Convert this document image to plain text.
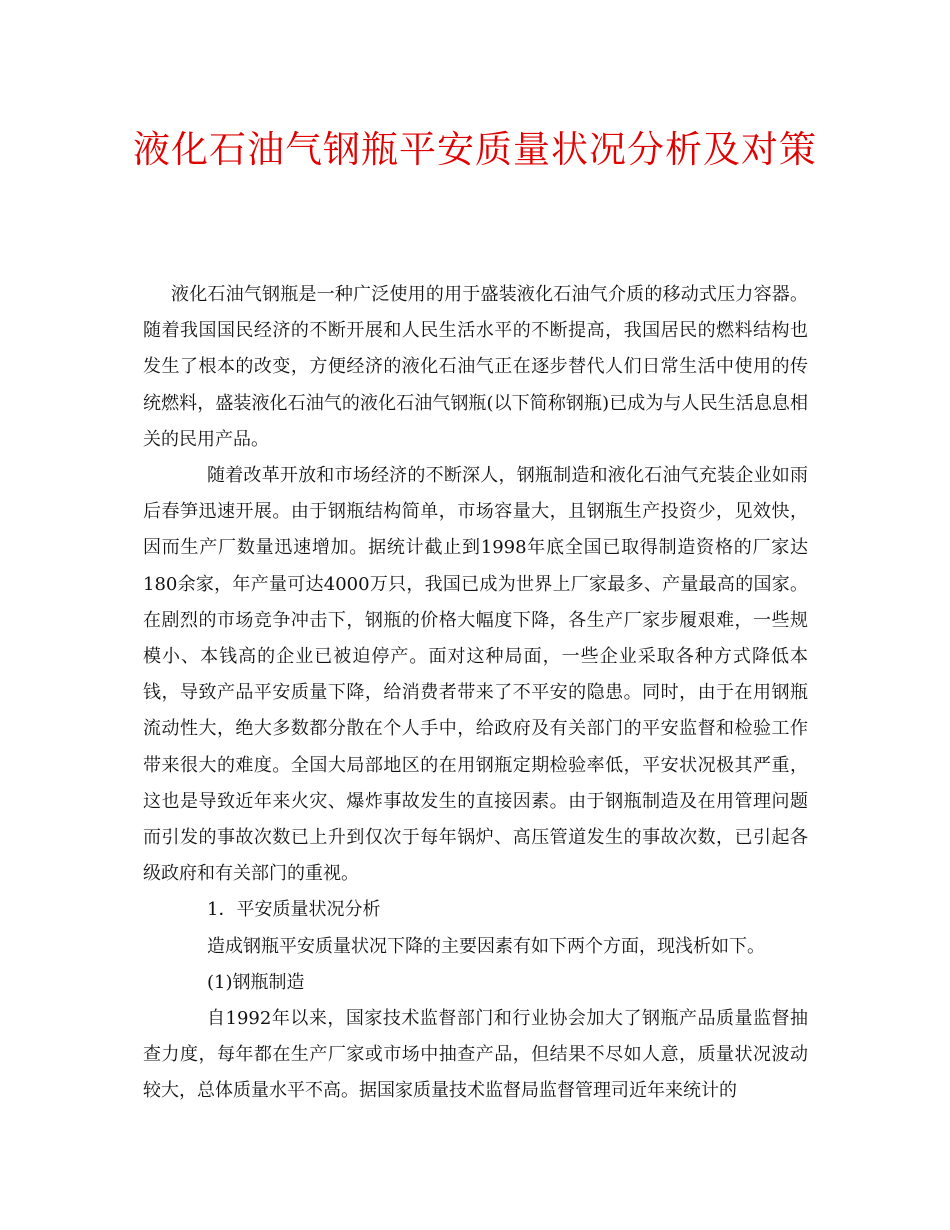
液化石油气钢瓶平安质量状况分析及对策

液化石油气钢瓶是一种广泛使用的用于盛装液化石油气介质的移动式压力容器。随着我国国民经济的不断开展和人民生活水平的不断提高，我国居民的燃料结构也发生了根本的改变，方便经济的液化石油气正在逐步替代人们日常生活中使用的传统燃料，盛装液化石油气的液化石油气钢瓶(以下简称钢瓶)已成为与人民生活息息相关的民用产品。

随着改革开放和市场经济的不断深人，钢瓶制造和液化石油气充装企业如雨后春笋迅速开展。由于钢瓶结构简单，市场容量大，且钢瓶生产投资少，见效快，因而生产厂数量迅速增加。据统计截止到1998年底全国已取得制造资格的厂家达180余家，年产量可达4000万只，我国已成为世界上厂家最多、产量最高的国家。在剧烈的市场竞争冲击下，钢瓶的价格大幅度下降，各生产厂家步履艰难，一些规模小、本钱高的企业已被迫停产。面对这种局面，一些企业采取各种方式降低本钱，导致产品平安质量下降，给消费者带来了不平安的隐患。同时，由于在用钢瓶流动性大，绝大多数都分散在个人手中，给政府及有关部门的平安监督和检验工作带来很大的难度。全国大局部地区的在用钢瓶定期检验率低，平安状况极其严重，这也是导致近年来火灾、爆炸事故发生的直接因素。由于钢瓶制造及在用管理问题而引发的事故次数已上升到仅次于每年锅炉、高压管道发生的事故次数，已引起各级政府和有关部门的重视。

1．平安质量状况分析

造成钢瓶平安质量状况下降的主要因素有如下两个方面，现浅析如下。

(1)钢瓶制造

自1992年以来，国家技术监督部门和行业协会加大了钢瓶产品质量监督抽查力度，每年都在生产厂家或市场中抽查产品，但结果不尽如人意，质量状况波动较大，总体质量水平不高。据国家质量技术监督局监督管理司近年来统计的
